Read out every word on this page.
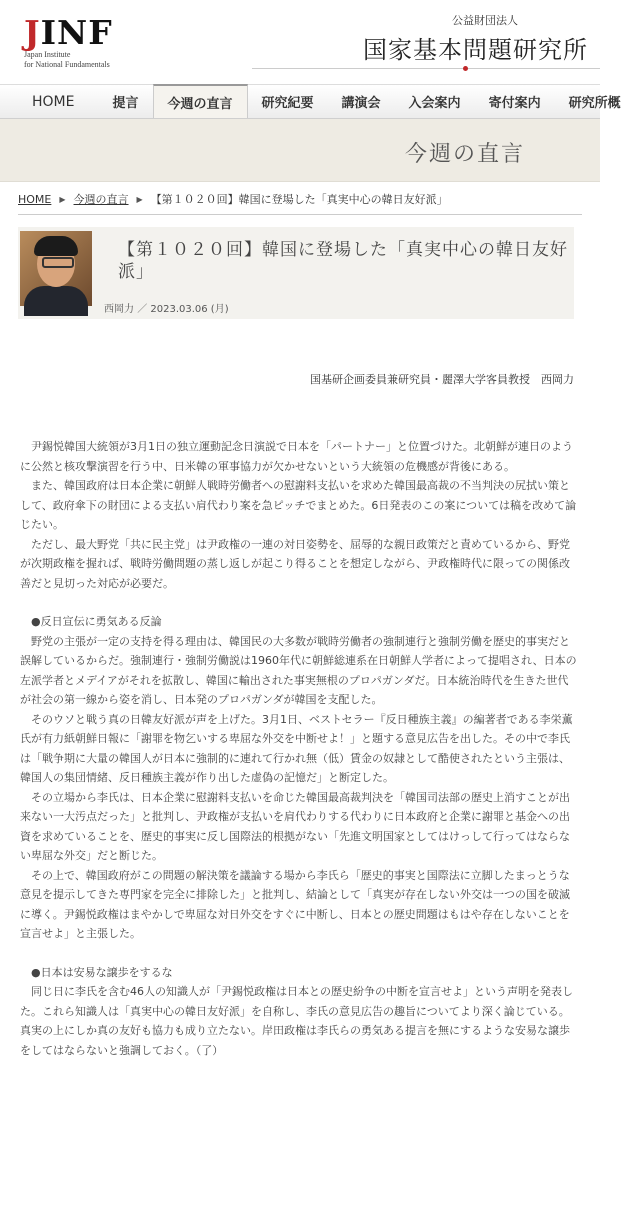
JINF
Japan Institute
for National Fundamentals
公益財団法人
国家基本問題研究所
HOME	提言	今週の直言	研究紀要	講演会	入会案内	寄付案内	研究所概
今週の直言
HOME ▶ 今週の直言 ▶ 【第１０２０回】韓国に登場した「真実中心の韓日友好派」
【第１０２０回】韓国に登場した「真実中心の韓日友好派」
西岡力 ／ 2023.03.06 (月)
国基研企画委員兼研究員・麗澤大学客員教授　西岡力

尹錫悦韓国大統領が3月1日の独立運動記念日演説で日本を「パートナー」と位置づけた。北朝鮮が連日のように公然と核攻撃演習を行う中、日米韓の軍事協力が欠かせないという大統領の危機感が背後にある。

また、韓国政府は日本企業に朝鮮人戦時労働者への慰謝料支払いを求めた韓国最高裁の不当判決の尻拭い策として、政府傘下の財団による支払い肩代わり案を急ピッチでまとめた。6日発表のこの案については稿を改めて論じたい。

ただし、最大野党「共に民主党」は尹政権の一連の対日姿勢を、屈辱的な親日政策だと責めているから、野党が次期政権を握れば、戦時労働問題の蒸し返しが起こり得ることを想定しながら、尹政権時代に限っての関係改善だと見切った対応が必要だ。

●反日宣伝に勇気ある反論

野党の主張が一定の支持を得る理由は、韓国民の大多数が戦時労働者の強制連行と強制労働を歴史的事実だと誤解しているからだ。強制連行・強制労働説は1960年代に朝鮮総連系在日朝鮮人学者によって提唱され、日本の左派学者とメデイアがそれを拡散し、韓国に輸出された事実無根のプロパガンダだ。日本統治時代を生きた世代が社会の第一線から姿を消し、日本発のプロパガンダが韓国を支配した。

そのウソと戦う真の日韓友好派が声を上げた。3月1日、ベストセラー『反日種族主義』の編著者である李栄薫氏が有力紙朝鮮日報に「謝罪を物乞いする卑屈な外交を中断せよ！」と題する意見広告を出した。その中で李氏は「戦争期に大量の韓国人が日本に強制的に連れて行かれ無（低）賃金の奴隷として酷使されたという主張は、韓国人の集団情緒、反日種族主義が作り出した虚偽の記憶だ」と断定した。

その立場から李氏は、日本企業に慰謝料支払いを命じた韓国最高裁判決を「韓国司法部の歴史上消すことが出来ない一大汚点だった」と批判し、尹政権が支払いを肩代わりする代わりに日本政府と企業に謝罪と基金への出資を求めていることを、歴史的事実に反し国際法的根拠がない「先進文明国家としてはけっして行ってはならない卑屈な外交」だと断じた。

その上で、韓国政府がこの問題の解決策を議論する場から李氏ら「歴史的事実と国際法に立脚したまっとうな意見を提示してきた専門家を完全に排除した」と批判し、結論として「真実が存在しない外交は一つの国を破滅に導く。尹錫悦政権はまやかしで卑屈な対日外交をすぐに中断し、日本との歴史問題はもはや存在しないことを宣言せよ」と主張した。

●日本は安易な譲歩をするな

同じ日に李氏を含む46人の知識人が「尹錫悦政権は日本との歴史紛争の中断を宣言せよ」という声明を発表した。これら知識人は「真実中心の韓日友好派」を自称し、李氏の意見広告の趣旨についてより深く論じている。真実の上にしか真の友好も協力も成り立たない。岸田政権は李氏らの勇気ある提言を無にするような安易な譲歩をしてはならないと強調しておく。（了）
